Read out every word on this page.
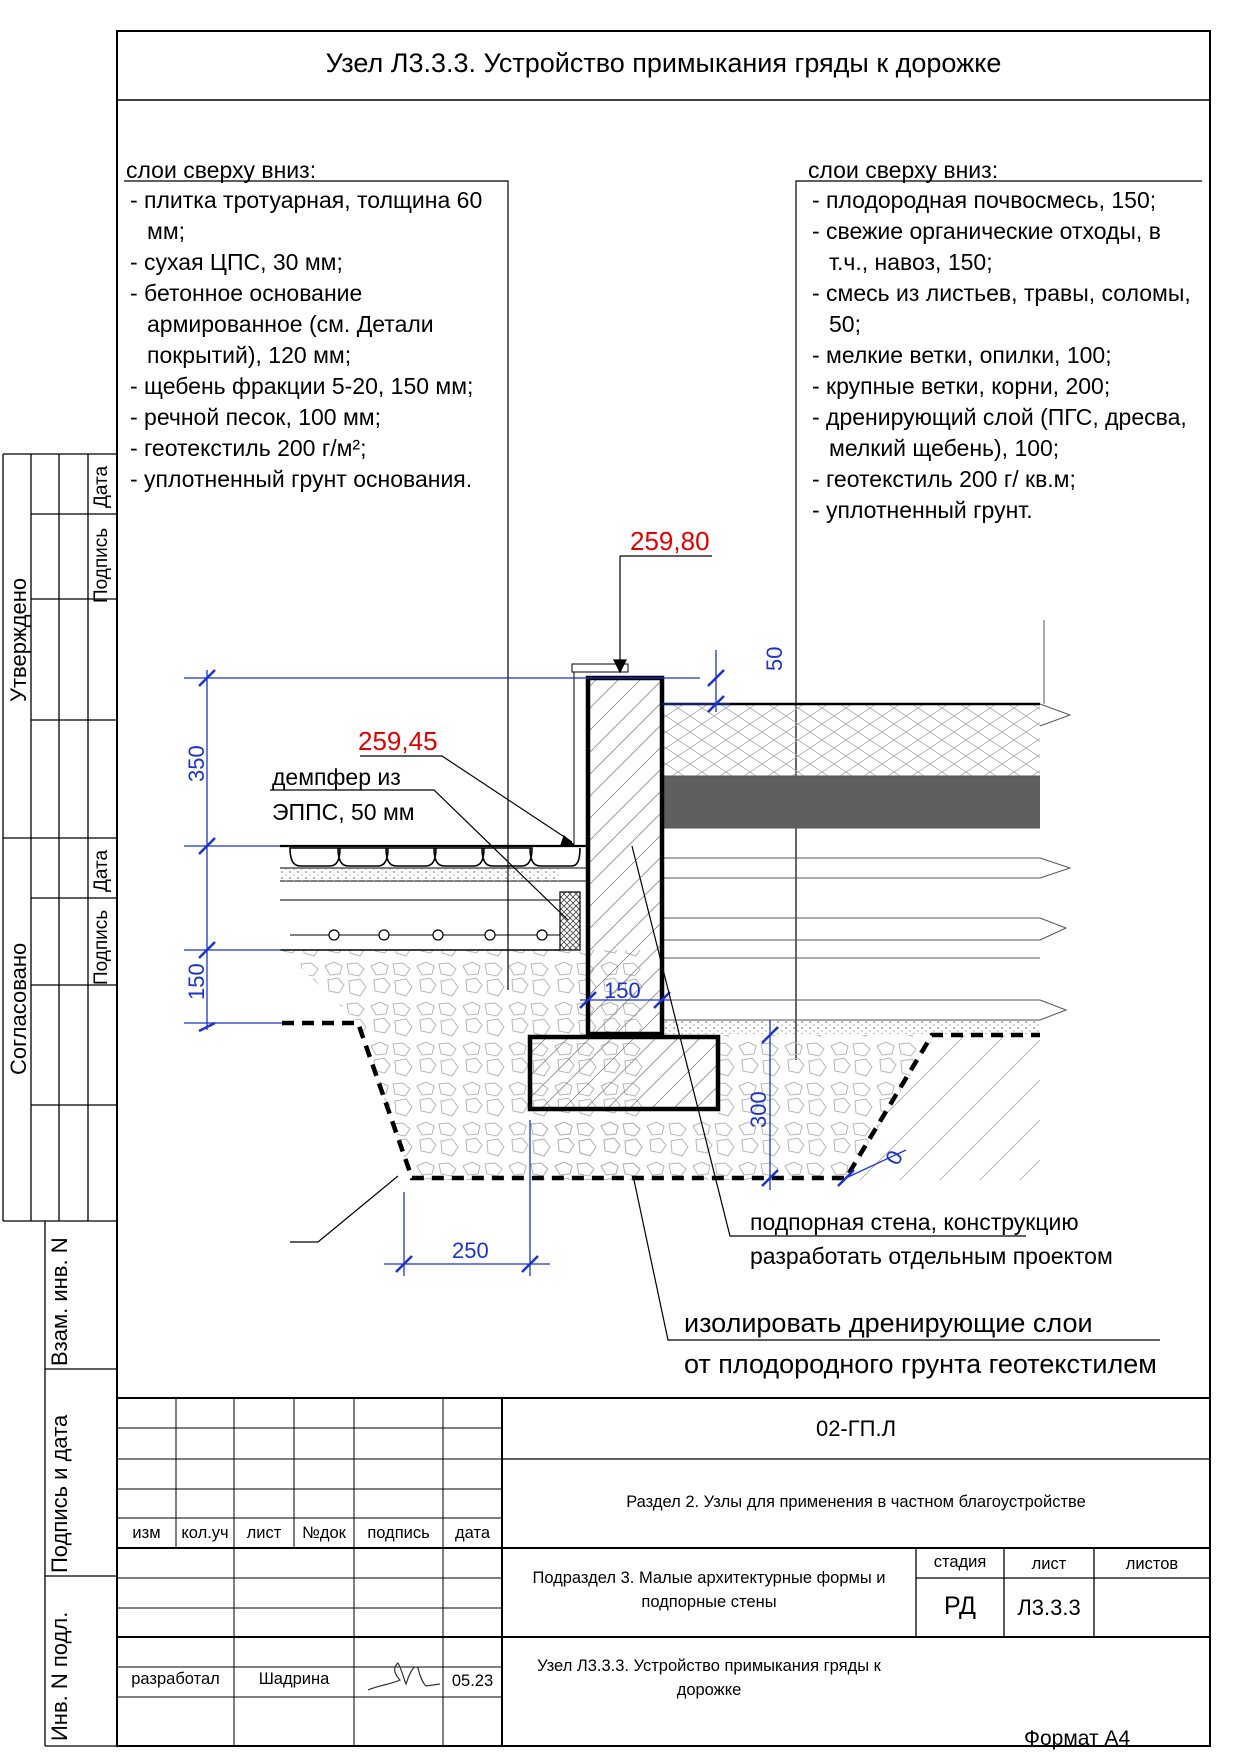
Узел Л3.3.3. Устройство примыкания гряды к дорожке
слои сверху вниз:
- плитка тротуарная, толщина 60
мм;
- сухая ЦПС, 30 мм;
- бетонное основание
армированное (см. Детали
покрытий), 120 мм;
- щебень фракции 5-20, 150 мм;
- речной песок, 100 мм;
- геотекстиль 200 г/м²;
- уплотненный грунт основания.
слои сверху вниз:
- плодородная почвосмесь, 150;
- свежие органические отходы, в
т.ч., навоз, 150;
- смесь из листьев, травы, соломы,
50;
- мелкие ветки, опилки, 100;
- крупные ветки, корни, 200;
- дренирующий слой (ПГС, дресва,
мелкий щебень), 100;
- геотекстиль 200 г/ кв.м;
- уплотненный грунт.
259,80
259,45
демпфер из
ЭППС, 50 мм
350
150
50
150
300
250
0
подпорная стена, конструкцию
разработать отдельным проектом
изолировать дренирующие слои
от плодородного грунта геотекстилем
Утверждено
Согласовано
Подпись
Дата
Подпись
Дата
Взам. инв. N
Подпись и дата
Инв. N подл.
02-ГП.Л
Раздел 2. Узлы для применения в частном благоустройстве
Подраздел 3. Малые архитектурные формы и
подпорные стены
Узел Л3.3.3. Устройство примыкания гряды к
дорожке
стадия	лист	листов
РД	Л3.3.3
изм	кол.уч	лист	№док	подпись	дата
разработал	Шадрина	05.23
Формат А4
